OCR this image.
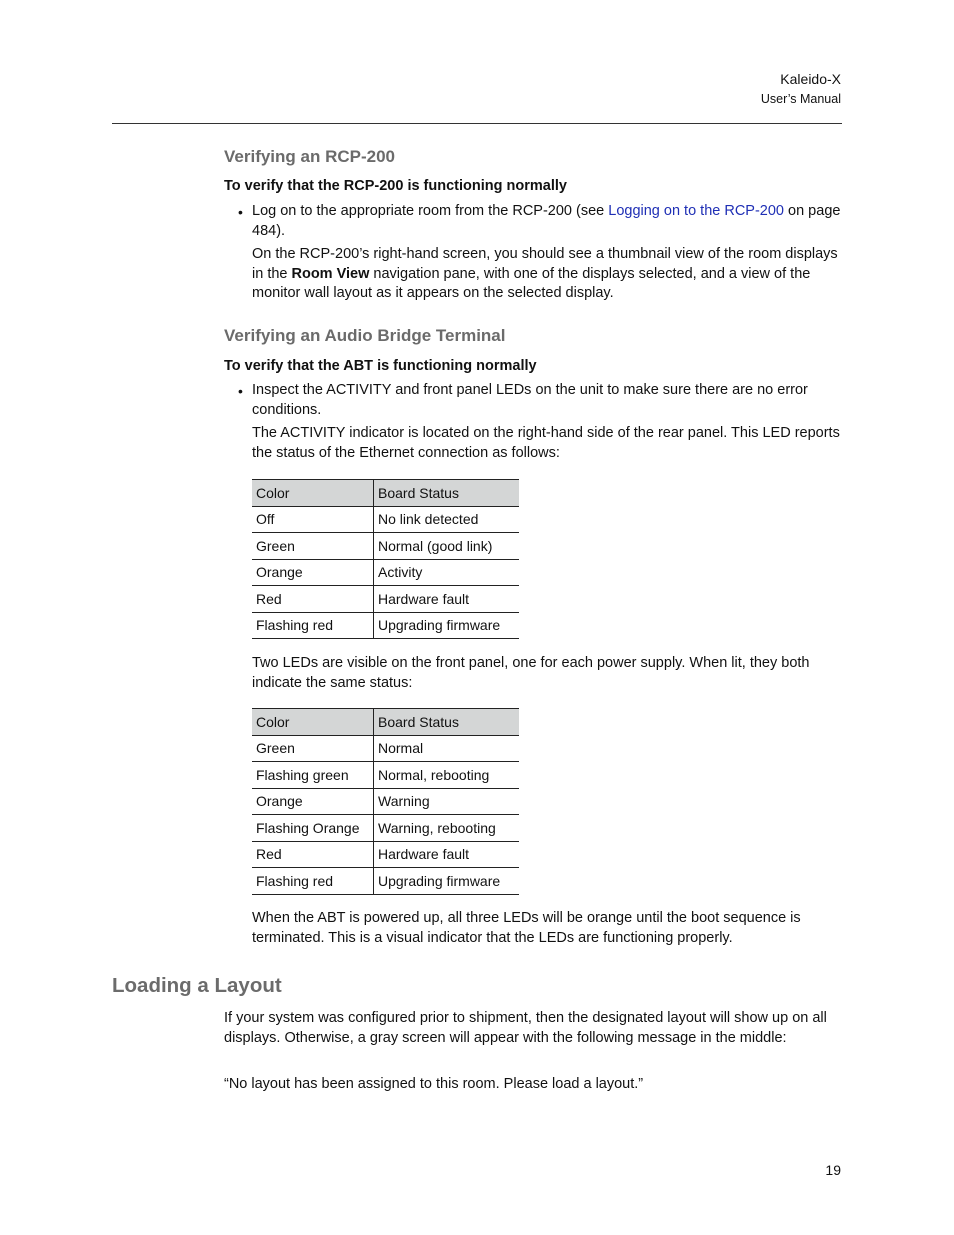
Kaleido-X
User’s Manual
Verifying an RCP-200
To verify that the RCP-200 is functioning normally
• Log on to the appropriate room from the RCP-200 (see Logging on to the RCP-200 on page 484).
On the RCP-200’s right-hand screen, you should see a thumbnail view of the room displays in the Room View navigation pane, with one of the displays selected, and a view of the monitor wall layout as it appears on the selected display.
Verifying an Audio Bridge Terminal
To verify that the ABT is functioning normally
• Inspect the ACTIVITY and front panel LEDs on the unit to make sure there are no error conditions.
The ACTIVITY indicator is located on the right-hand side of the rear panel. This LED reports the status of the Ethernet connection as follows:
Color	Board Status
Off	No link detected
Green	Normal (good link)
Orange	Activity
Red	Hardware fault
Flashing red	Upgrading firmware
Two LEDs are visible on the front panel, one for each power supply. When lit, they both indicate the same status:
Color	Board Status
Green	Normal
Flashing green	Normal, rebooting
Orange	Warning
Flashing Orange	Warning, rebooting
Red	Hardware fault
Flashing red	Upgrading firmware
When the ABT is powered up, all three LEDs will be orange until the boot sequence is terminated. This is a visual indicator that the LEDs are functioning properly.
Loading a Layout
If your system was configured prior to shipment, then the designated layout will show up on all displays. Otherwise, a gray screen will appear with the following message in the middle:
“No layout has been assigned to this room. Please load a layout.”
19
